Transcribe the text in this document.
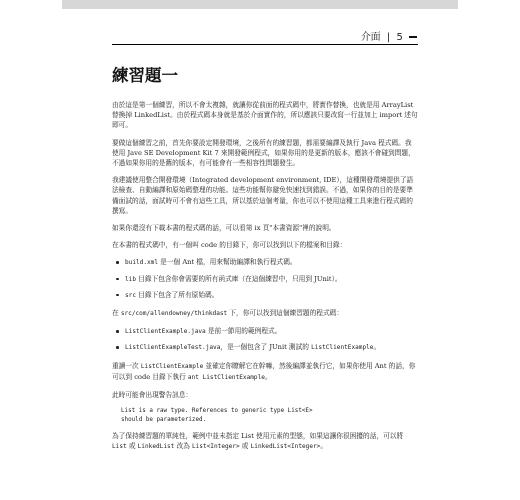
介面 | 5
練習題一

由於這是第一個練習，所以不會太複雜，就讓你從前面的程式碼中，將實作替換，也就是用 ArrayList 替換掉 LinkedList。由於程式碼本身就是基於介面實作的，所以應該只要改寫一行並加上 import 述句即可。

要做這個練習之前，首先你要設定開發環境，之後所有的練習題，都需要編譯及執行 Java 程式碼。我使用 Jave SE Development Kit 7 來開發範例程式，如果你用的是更新的版本，應該不會碰到問題，不過如果你用的是舊的版本，有可能會有一些相容性問題發生。

我建議使用整合開發環境（Integrated development environment, IDE），這種開發環境提供了語法檢查、自動編譯和原始碼整理的功能。這些功能幫你避免快速找到錯誤。不過，如果你的目的是要準備面試的話，面試時可不會有這些工具，所以基於這個考量，你也可以不使用這種工具來進行程式碼的撰寫。

如果你還沒有下載本書的程式碼的話，可以看第 ix 頁"本書資源"裡的說明。

在本書的程式碼中，有一個叫 code 的目錄下，你可以找到以下的檔案和目錄：

build.xml 是一個 Ant 檔，用來幫助編譯和執行程式碼。
lib 目錄下包含你會需要的所有函式庫（在這個練習中，只用到 JUnit）。
src 目錄下包含了所有原始碼。

在 src/com/allendowney/thinkdast 下，你可以找到這個練習題的程式碼：

ListClientExample.java 是前一節用的範例程式。
ListClientExampleTest.java，是一個包含了 JUnit 測試的 ListClientExample。

重讀一次 ListClientExample 並確定你瞭解它在幹嘛，然後編譯並執行它，如果你使用 Ant 的話，你可以到 code 目錄下執行 ant ListClientExample。

此時可能會出現警告訊息：

List is a raw type. References to generic type List<E>
should be parameterized.

為了保持練習題的單純性，範例中並未指定 List 使用元素的型態，如果這讓你很困擾的話，可以將 List 或 LinkedList 改為 List<Integer> 或 LinkedList<Integer>。
